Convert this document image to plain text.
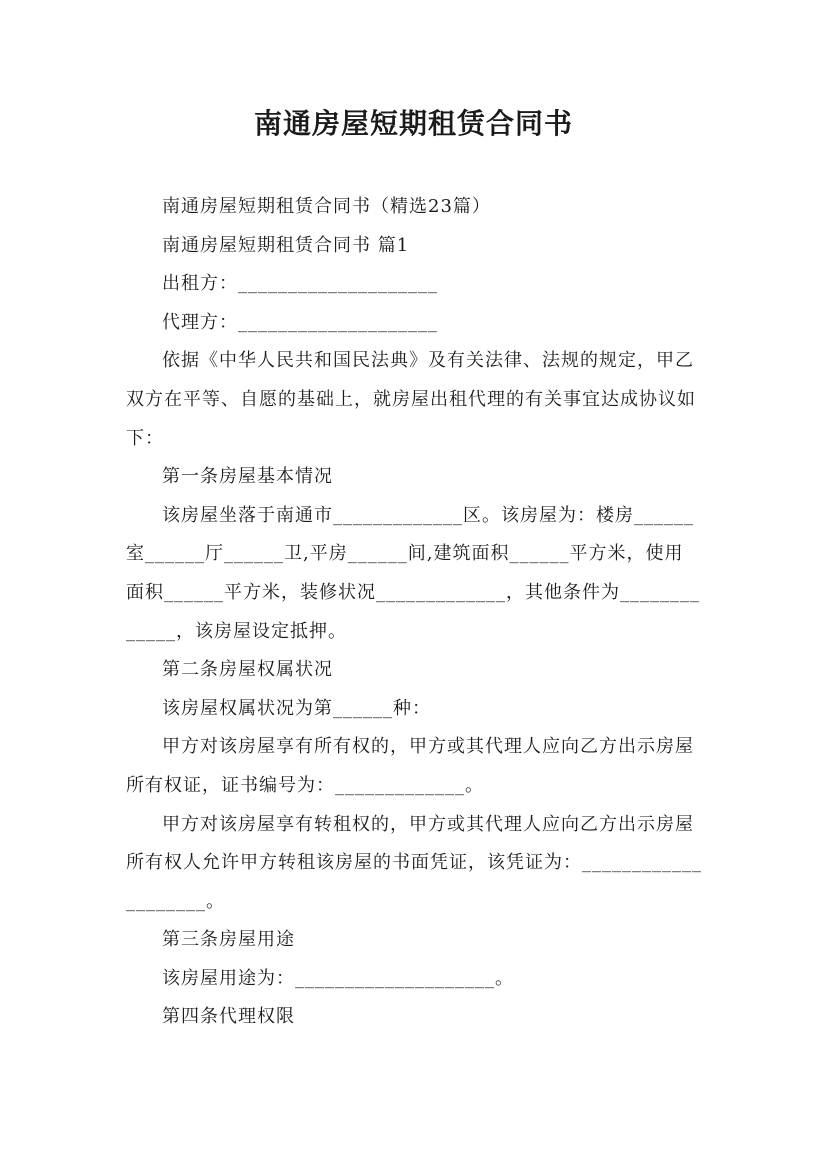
南通房屋短期租赁合同书

南通房屋短期租赁合同书（精选23篇）

南通房屋短期租赁合同书 篇1

出租方：____________________

代理方：____________________

依据《中华人民共和国民法典》及有关法律、法规的规定，甲乙双方在平等、自愿的基础上，就房屋出租代理的有关事宜达成协议如下：

第一条房屋基本情况

该房屋坐落于南通市_____________区。该房屋为：楼房______室______厅______卫,平房______间,建筑面积______平方米，使用面积______平方米，装修状况_____________，其他条件为_____________，该房屋设定抵押。

第二条房屋权属状况

该房屋权属状况为第______种：

甲方对该房屋享有所有权的，甲方或其代理人应向乙方出示房屋所有权证，证书编号为：_____________。

甲方对该房屋享有转租权的，甲方或其代理人应向乙方出示房屋所有权人允许甲方转租该房屋的书面凭证，该凭证为：____________________。

第三条房屋用途

该房屋用途为：____________________。

第四条代理权限
